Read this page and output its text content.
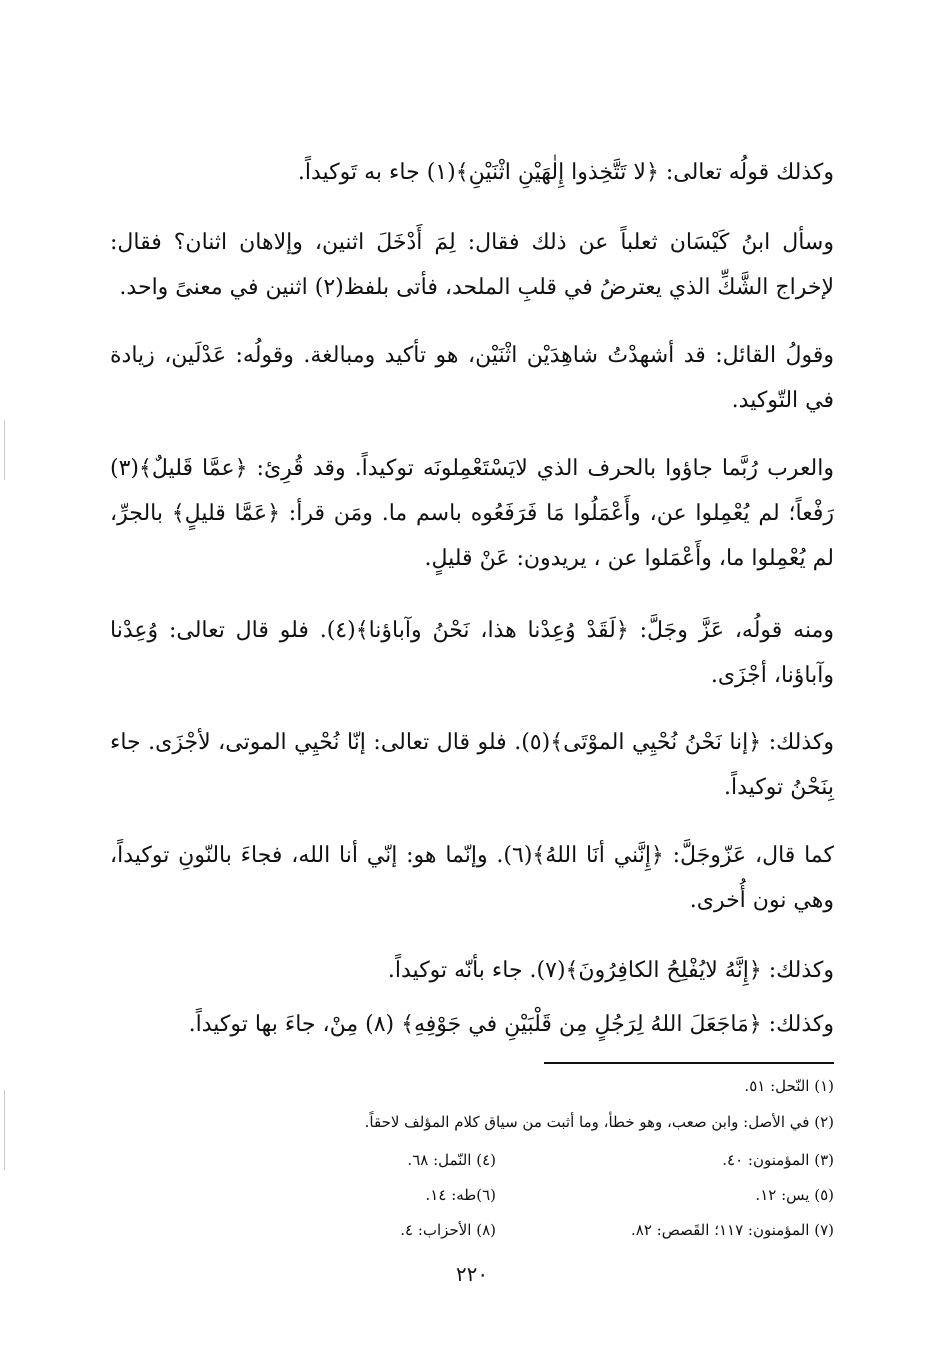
وكذلك قولُه تعالى: ﴿لا تَتَّخِذوا إِلٰهَيْنِ اثْنَيْنِ﴾(١) جاء به تَوكيداً.

وسأل ابنُ كَيْسَان ثعلباً عن ذلك فقال: لِمَ أَدْخَلَ اثنين، وإلاهان اثنان؟ فقال: لإخراج الشَّكِّ الذي يعترضُ في قلبِ الملحد، فأتى بلفظ(٢) اثنين في معنىً واحد.

وقولُ القائل: قد أشهدْتُ شاهِدَيْن اثْنَيْن، هو تأكيد ومبالغة. وقولُه: عَدْلَين، زيادة في التّوكيد.

والعرب رُبَّما جاؤوا بالحرف الذي لايَسْتَعْمِلونَه توكيداً. وقد قُرِئ: ﴿عمَّا قَليلٌ﴾(٣) رَفْعاً؛ لم يُعْمِلوا عن، وأَعْمَلُوا مَا فَرَفَعُوه باسم ما. ومَن قرأ: ﴿عَمَّا قليلٍ﴾ بالجرِّ، لم يُعْمِلوا ما، وأَعْمَلوا عن ، يريدون: عَنْ قليلٍ.

ومنه قولُه، عَزَّ وجَلَّ: ﴿لَقَدْ وُعِدْنا هذا، نَحْنُ وآباؤنا﴾(٤). فلو قال تعالى: وُعِدْنا وآباؤنا، أجْزَى.

وكذلك: ﴿إنا نَحْنُ نُحْيِي الموْتَى﴾(٥). فلو قال تعالى: إنّا نُحْيِي الموتى، لأجْزَى. جاء بِنَحْنُ توكيداً.

كما قال، عَزّوجَلَّ: ﴿إِنَّني أنَا اللهُ﴾(٦). وإنّما هو: إنّي أنا الله، فجاءَ بالنّونِ توكيداً، وهي نون أُخرى.

وكذلك: ﴿إِنَّهُ لايُفْلِحُ الكافِرُونَ﴾(٧). جاء بأنّه توكيداً.

وكذلك: ﴿مَاجَعَلَ اللهُ لِرَجُلٍ مِن قَلْبَيْنِ في جَوْفِهِ﴾ (٨) مِنْ، جاءَ بها توكيداً.

(١) النّحل: ٥١.
(٢) في الأصل: وابن صعب، وهو خطأ، وما أثبت من سياق كلام المؤلف لاحقاً.
(٣) المؤمنون: ٤٠.
(٤) النّمل: ٦٨.
(٥) يس: ١٢.
(٦)طه: ١٤.
(٧) المؤمنون: ١١٧؛ القَصص: ٨٢.
(٨) الأحزاب: ٤.
٢٢٠
